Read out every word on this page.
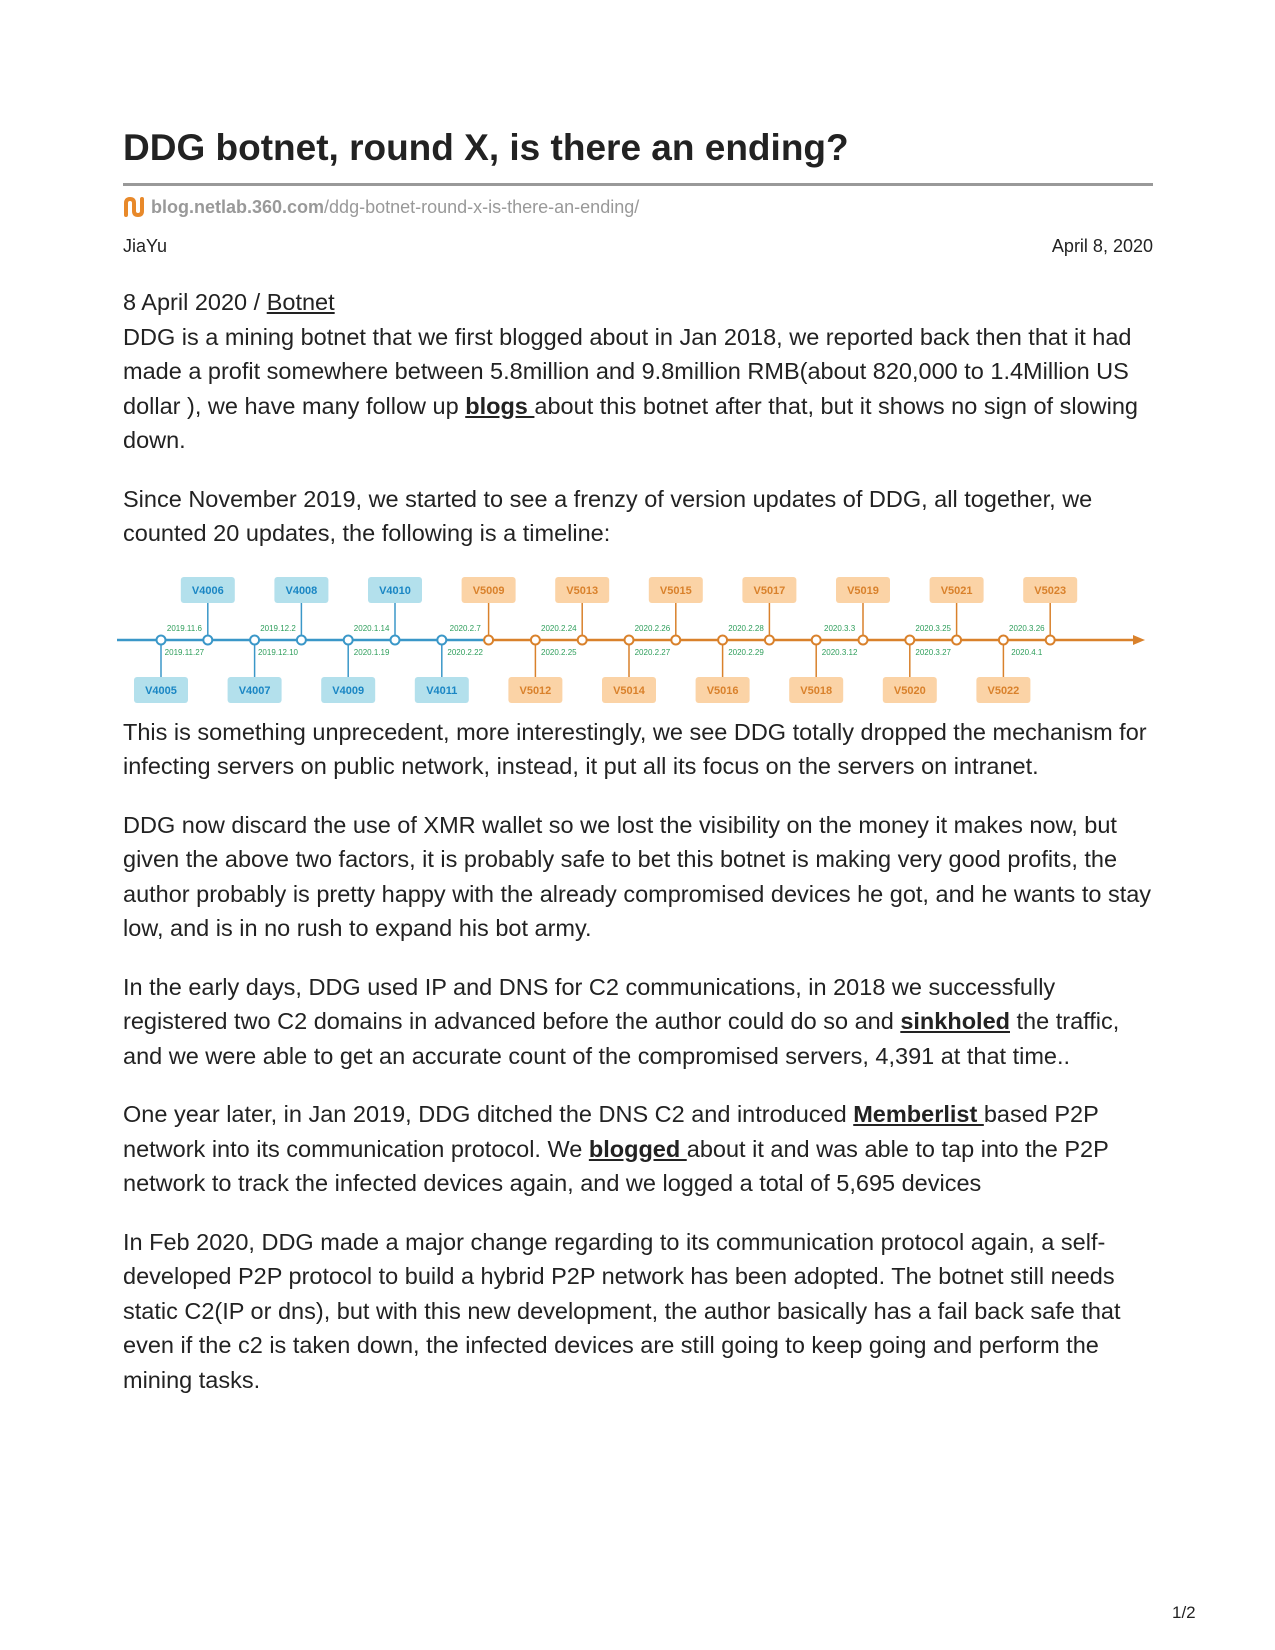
DDG botnet, round X, is there an ending?
blog.netlab.360.com /ddg-botnet-round-x-is-there-an-ending/
JiaYu	April 8, 2020
8 April 2020 / Botnet

DDG is a mining botnet that we first blogged about in Jan 2018, we reported back then that it had made a profit somewhere between 5.8million and 9.8million RMB(about 820,000 to 1.4Million US dollar ), we have many follow up blogs about this botnet after that, but it shows no sign of slowing down.

Since November 2019, we started to see a frenzy of version updates of DDG, all together, we counted 20 updates, the following is a timeline:

V4005
2019.11.27
V4006
2019.11.6
V4007
2019.12.10
V4008
2019.12.2
V4009
2020.1.19
V4010
2020.1.14
V4011
2020.2.22
V5009
2020.2.7
V5012
2020.2.25
V5013
2020.2.24
V5014
2020.2.27
V5015
2020.2.26
V5016
2020.2.29
V5017
2020.2.28
V5018
2020.3.12
V5019
2020.3.3
V5020
2020.3.27
V5021
2020.3.25
V5022
2020.4.1
V5023
2020.3.26

This is something unprecedent, more interestingly, we see DDG totally dropped the mechanism for infecting servers on public network, instead, it put all its focus on the servers on intranet.

DDG now discard the use of XMR wallet so we lost the visibility on the money it makes now, but given the above two factors, it is probably safe to bet this botnet is making very good profits, the author probably is pretty happy with the already compromised devices he got, and he wants to stay low, and is in no rush to expand his bot army.

In the early days, DDG used IP and DNS for C2 communications, in 2018 we successfully registered two C2 domains in advanced before the author could do so and sinkholed the traffic, and we were able to get an accurate count of the compromised servers, 4,391 at that time..

One year later, in Jan 2019, DDG ditched the DNS C2 and introduced Memberlist based P2P network into its communication protocol. We blogged about it and was able to tap into the P2P network to track the infected devices again, and we logged a total of 5,695 devices

In Feb 2020, DDG made a major change regarding to its communication protocol again, a self-developed P2P protocol to build a hybrid P2P network has been adopted. The botnet still needs static C2(IP or dns), but with this new development, the author basically has a fail back safe that even if the c2 is taken down, the infected devices are still going to keep going and perform the mining tasks.

1/2
